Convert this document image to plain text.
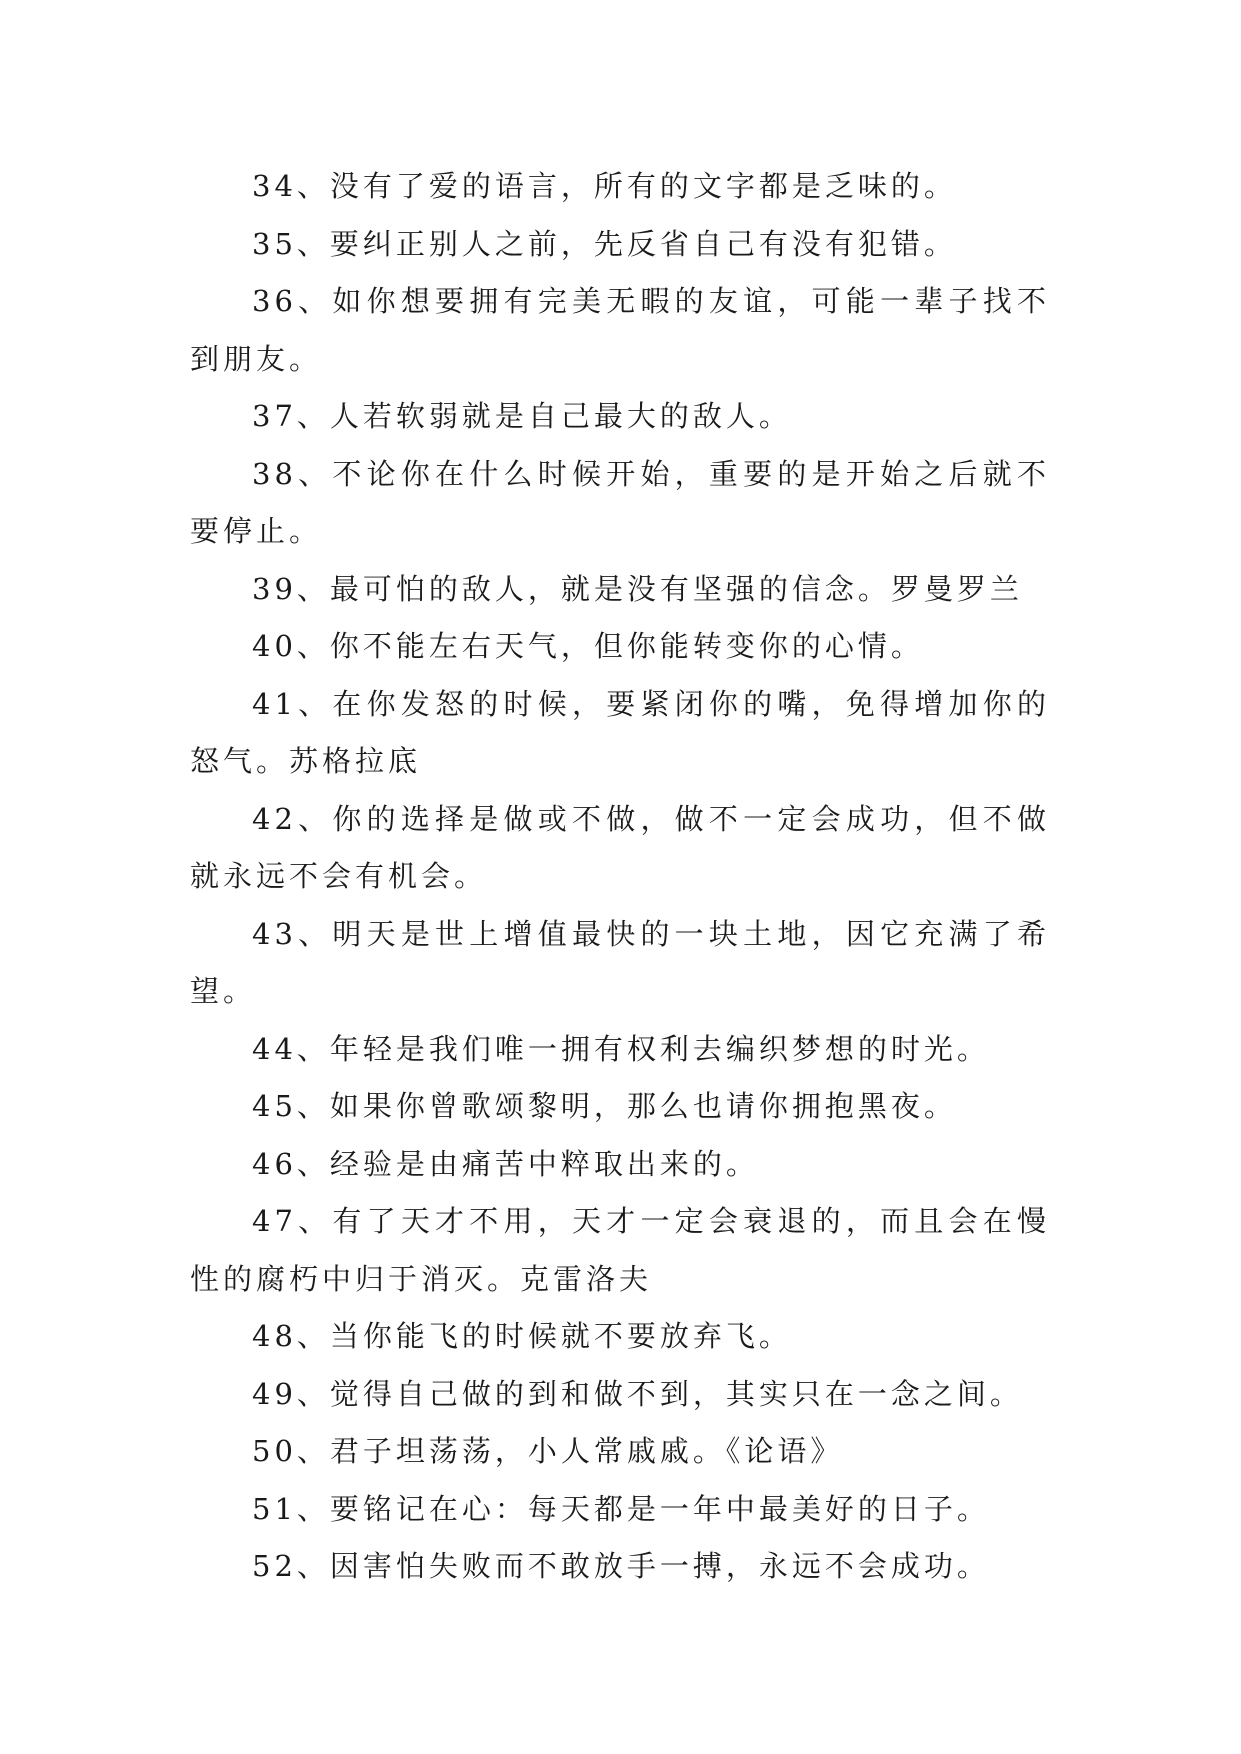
34、没有了爱的语言，所有的文字都是乏味的。

35、要纠正别人之前，先反省自己有没有犯错。

36、如你想要拥有完美无暇的友谊，可能一辈子找不到朋友。

37、人若软弱就是自己最大的敌人。

38、不论你在什么时候开始，重要的是开始之后就不要停止。

39、最可怕的敌人，就是没有坚强的信念。罗曼罗兰

40、你不能左右天气，但你能转变你的心情。

41、在你发怒的时候，要紧闭你的嘴，免得增加你的怒气。苏格拉底

42、你的选择是做或不做，做不一定会成功，但不做就永远不会有机会。

43、明天是世上增值最快的一块土地，因它充满了希望。

44、年轻是我们唯一拥有权利去编织梦想的时光。

45、如果你曾歌颂黎明，那么也请你拥抱黑夜。

46、经验是由痛苦中粹取出来的。

47、有了天才不用，天才一定会衰退的，而且会在慢性的腐朽中归于消灭。克雷洛夫

48、当你能飞的时候就不要放弃飞。

49、觉得自己做的到和做不到，其实只在一念之间。

50、君子坦荡荡，小人常戚戚。《论语》

51、要铭记在心：每天都是一年中最美好的日子。

52、因害怕失败而不敢放手一搏，永远不会成功。
